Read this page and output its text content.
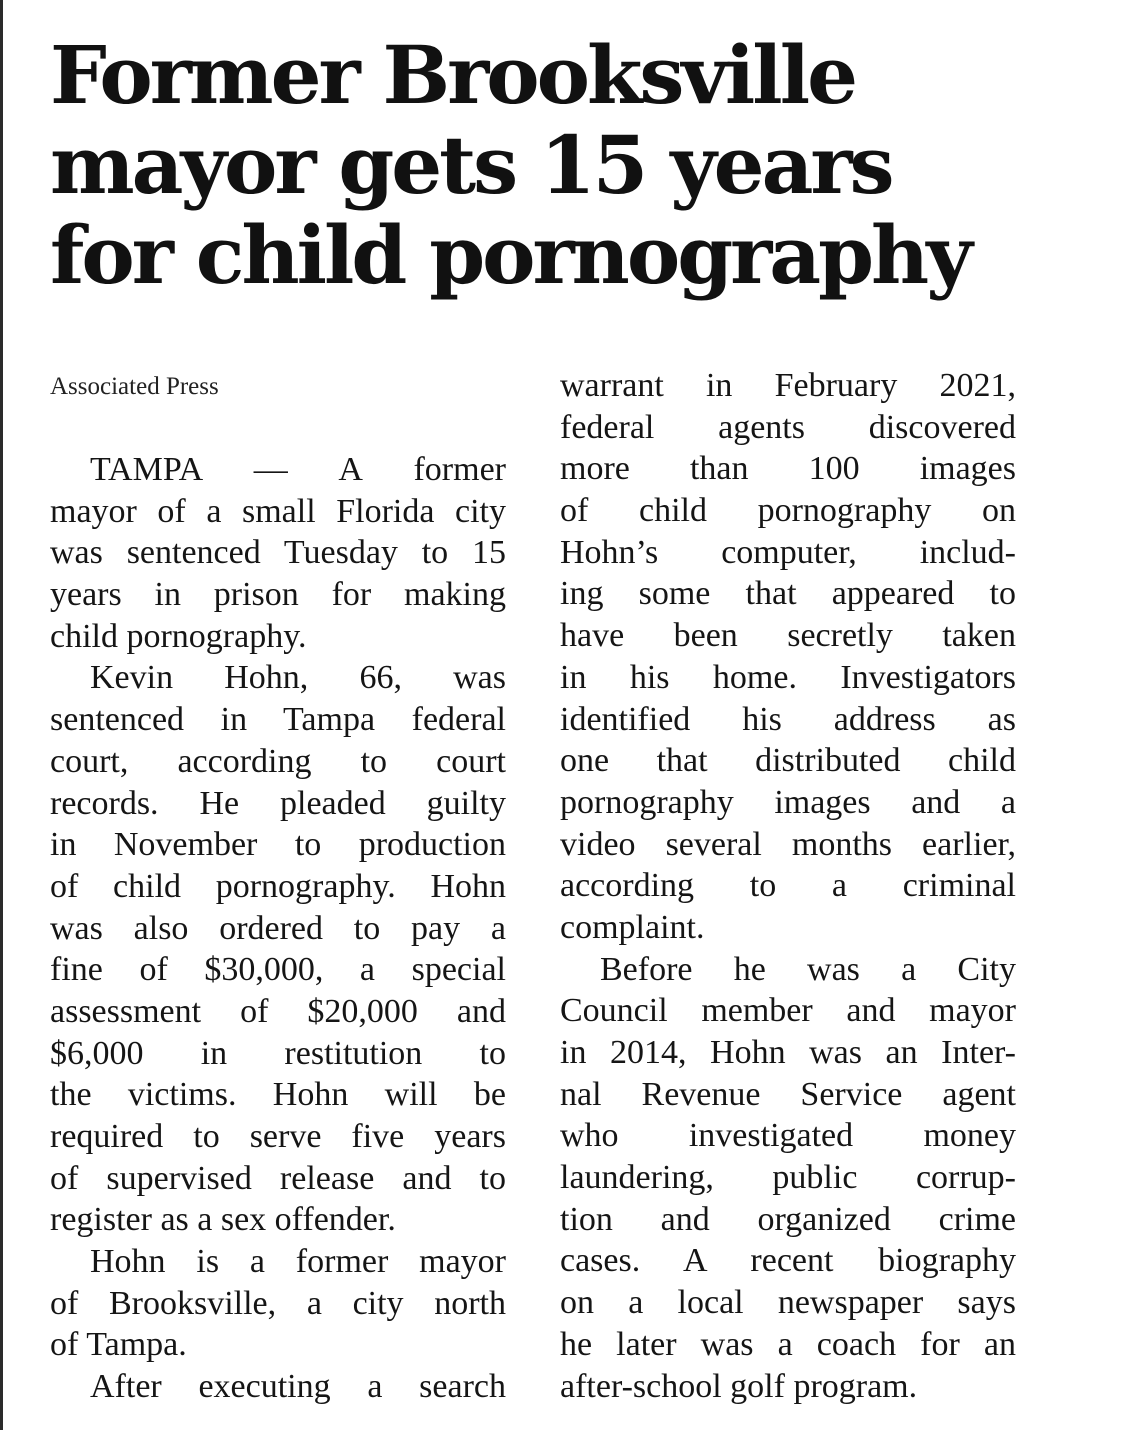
Former Brooksville
mayor gets 15 years
for child pornography
Associated Press
TAMPA — A former
mayor of a small Florida city
was sentenced Tuesday to 15
years in prison for making
child pornography.
Kevin Hohn, 66, was
sentenced in Tampa federal
court, according to court
records. He pleaded guilty
in November to production
of child pornography. Hohn
was also ordered to pay a
fine of $30,000, a special
assessment of $20,000 and
$6,000 in restitution to
the victims. Hohn will be
required to serve five years
of supervised release and to
register as a sex offender.
Hohn is a former mayor
of Brooksville, a city north
of Tampa.
After executing a search
warrant in February 2021,
federal agents discovered
more than 100 images
of child pornography on
Hohn’s computer, includ-
ing some that appeared to
have been secretly taken
in his home. Investigators
identified his address as
one that distributed child
pornography images and a
video several months earlier,
according to a criminal
complaint.
Before he was a City
Council member and mayor
in 2014, Hohn was an Inter-
nal Revenue Service agent
who investigated money
laundering, public corrup-
tion and organized crime
cases. A recent biography
on a local newspaper says
he later was a coach for an
after-school golf program.
